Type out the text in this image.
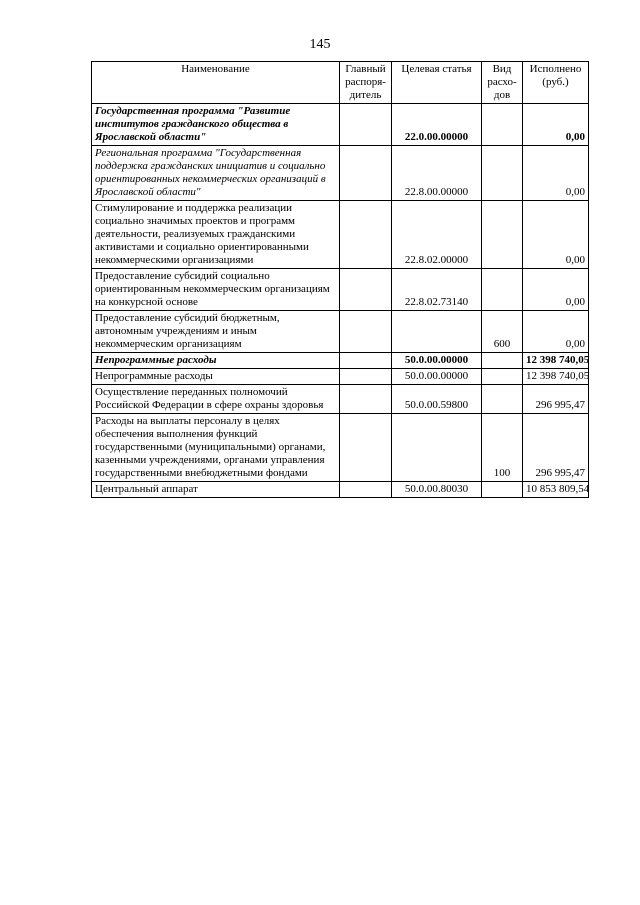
145
Наименование	Главный распоря-дитель	Целевая статья	Вид расхо-дов	Исполнено (руб.)
Государственная программа "Развитие институтов гражданского общества в Ярославской области"		22.0.00.00000		0,00
Региональная программа "Государственная поддержка гражданских инициатив и социально ориентированных некоммерческих организаций в Ярославской области"		22.8.00.00000		0,00
Стимулирование и поддержка реализации социально значимых проектов и программ деятельности, реализуемых гражданскими активистами и социально ориентированными некоммерческими организациями		22.8.02.00000		0,00
Предоставление субсидий социально ориентированным некоммерческим организациям на конкурсной основе		22.8.02.73140		0,00
Предоставление субсидий бюджетным, автономным учреждениям и иным некоммерческим организациям			600	0,00
Непрограммные расходы		50.0.00.00000		12 398 740,05
Непрограммные расходы		50.0.00.00000		12 398 740,05
Осуществление переданных полномочий Российской Федерации в сфере охраны здоровья		50.0.00.59800		296 995,47
Расходы на выплаты персоналу в целях обеспечения выполнения функций государственными (муниципальными) органами, казенными учреждениями, органами управления государственными внебюджетными фондами			100	296 995,47
Центральный аппарат		50.0.00.80030		10 853 809,54
